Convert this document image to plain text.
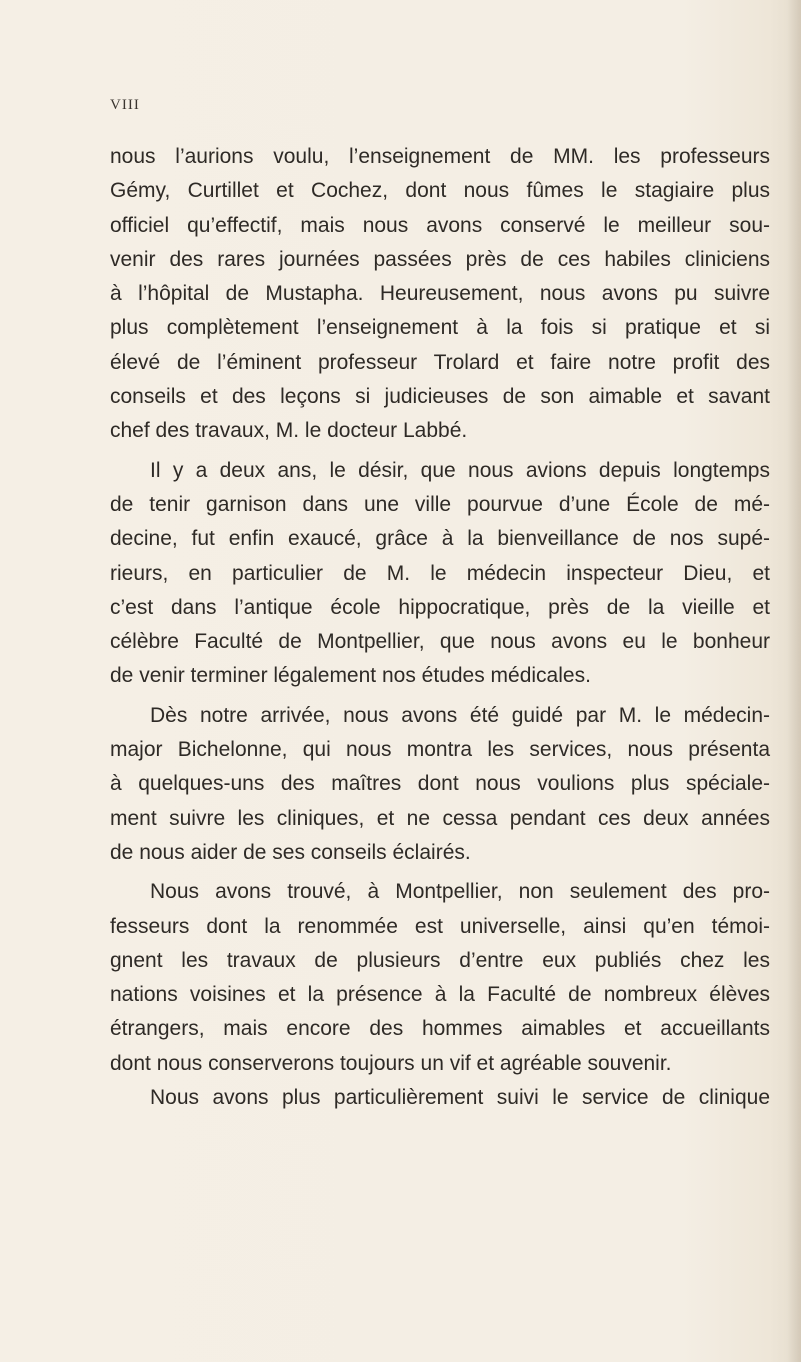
VIII
nous l’aurions voulu, l’enseignement de MM. les professeurs
Gémy, Curtillet et Cochez, dont nous fûmes le stagiaire plus
officiel qu’effectif, mais nous avons conservé le meilleur sou-
venir des rares journées passées près de ces habiles cliniciens
à l’hôpital de Mustapha. Heureusement, nous avons pu suivre
plus complètement l’enseignement à la fois si pratique et si
élevé de l’éminent professeur Trolard et faire notre profit des
conseils et des leçons si judicieuses de son aimable et savant
chef des travaux, M. le docteur Labbé.
Il y a deux ans, le désir, que nous avions depuis longtemps
de tenir garnison dans une ville pourvue d’une École de mé-
decine, fut enfin exaucé, grâce à la bienveillance de nos supé-
rieurs, en particulier de M. le médecin inspecteur Dieu, et
c’est dans l’antique école hippocratique, près de la vieille et
célèbre Faculté de Montpellier, que nous avons eu le bonheur
de venir terminer légalement nos études médicales.
Dès notre arrivée, nous avons été guidé par M. le médecin-
major Bichelonne, qui nous montra les services, nous présenta
à quelques-uns des maîtres dont nous voulions plus spéciale-
ment suivre les cliniques, et ne cessa pendant ces deux années
de nous aider de ses conseils éclairés.
Nous avons trouvé, à Montpellier, non seulement des pro-
fesseurs dont la renommée est universelle, ainsi qu’en témoi-
gnent les travaux de plusieurs d’entre eux publiés chez les
nations voisines et la présence à la Faculté de nombreux élèves
étrangers, mais encore des hommes aimables et accueillants
dont nous conserverons toujours un vif et agréable souvenir.
Nous avons plus particulièrement suivi le service de clinique
